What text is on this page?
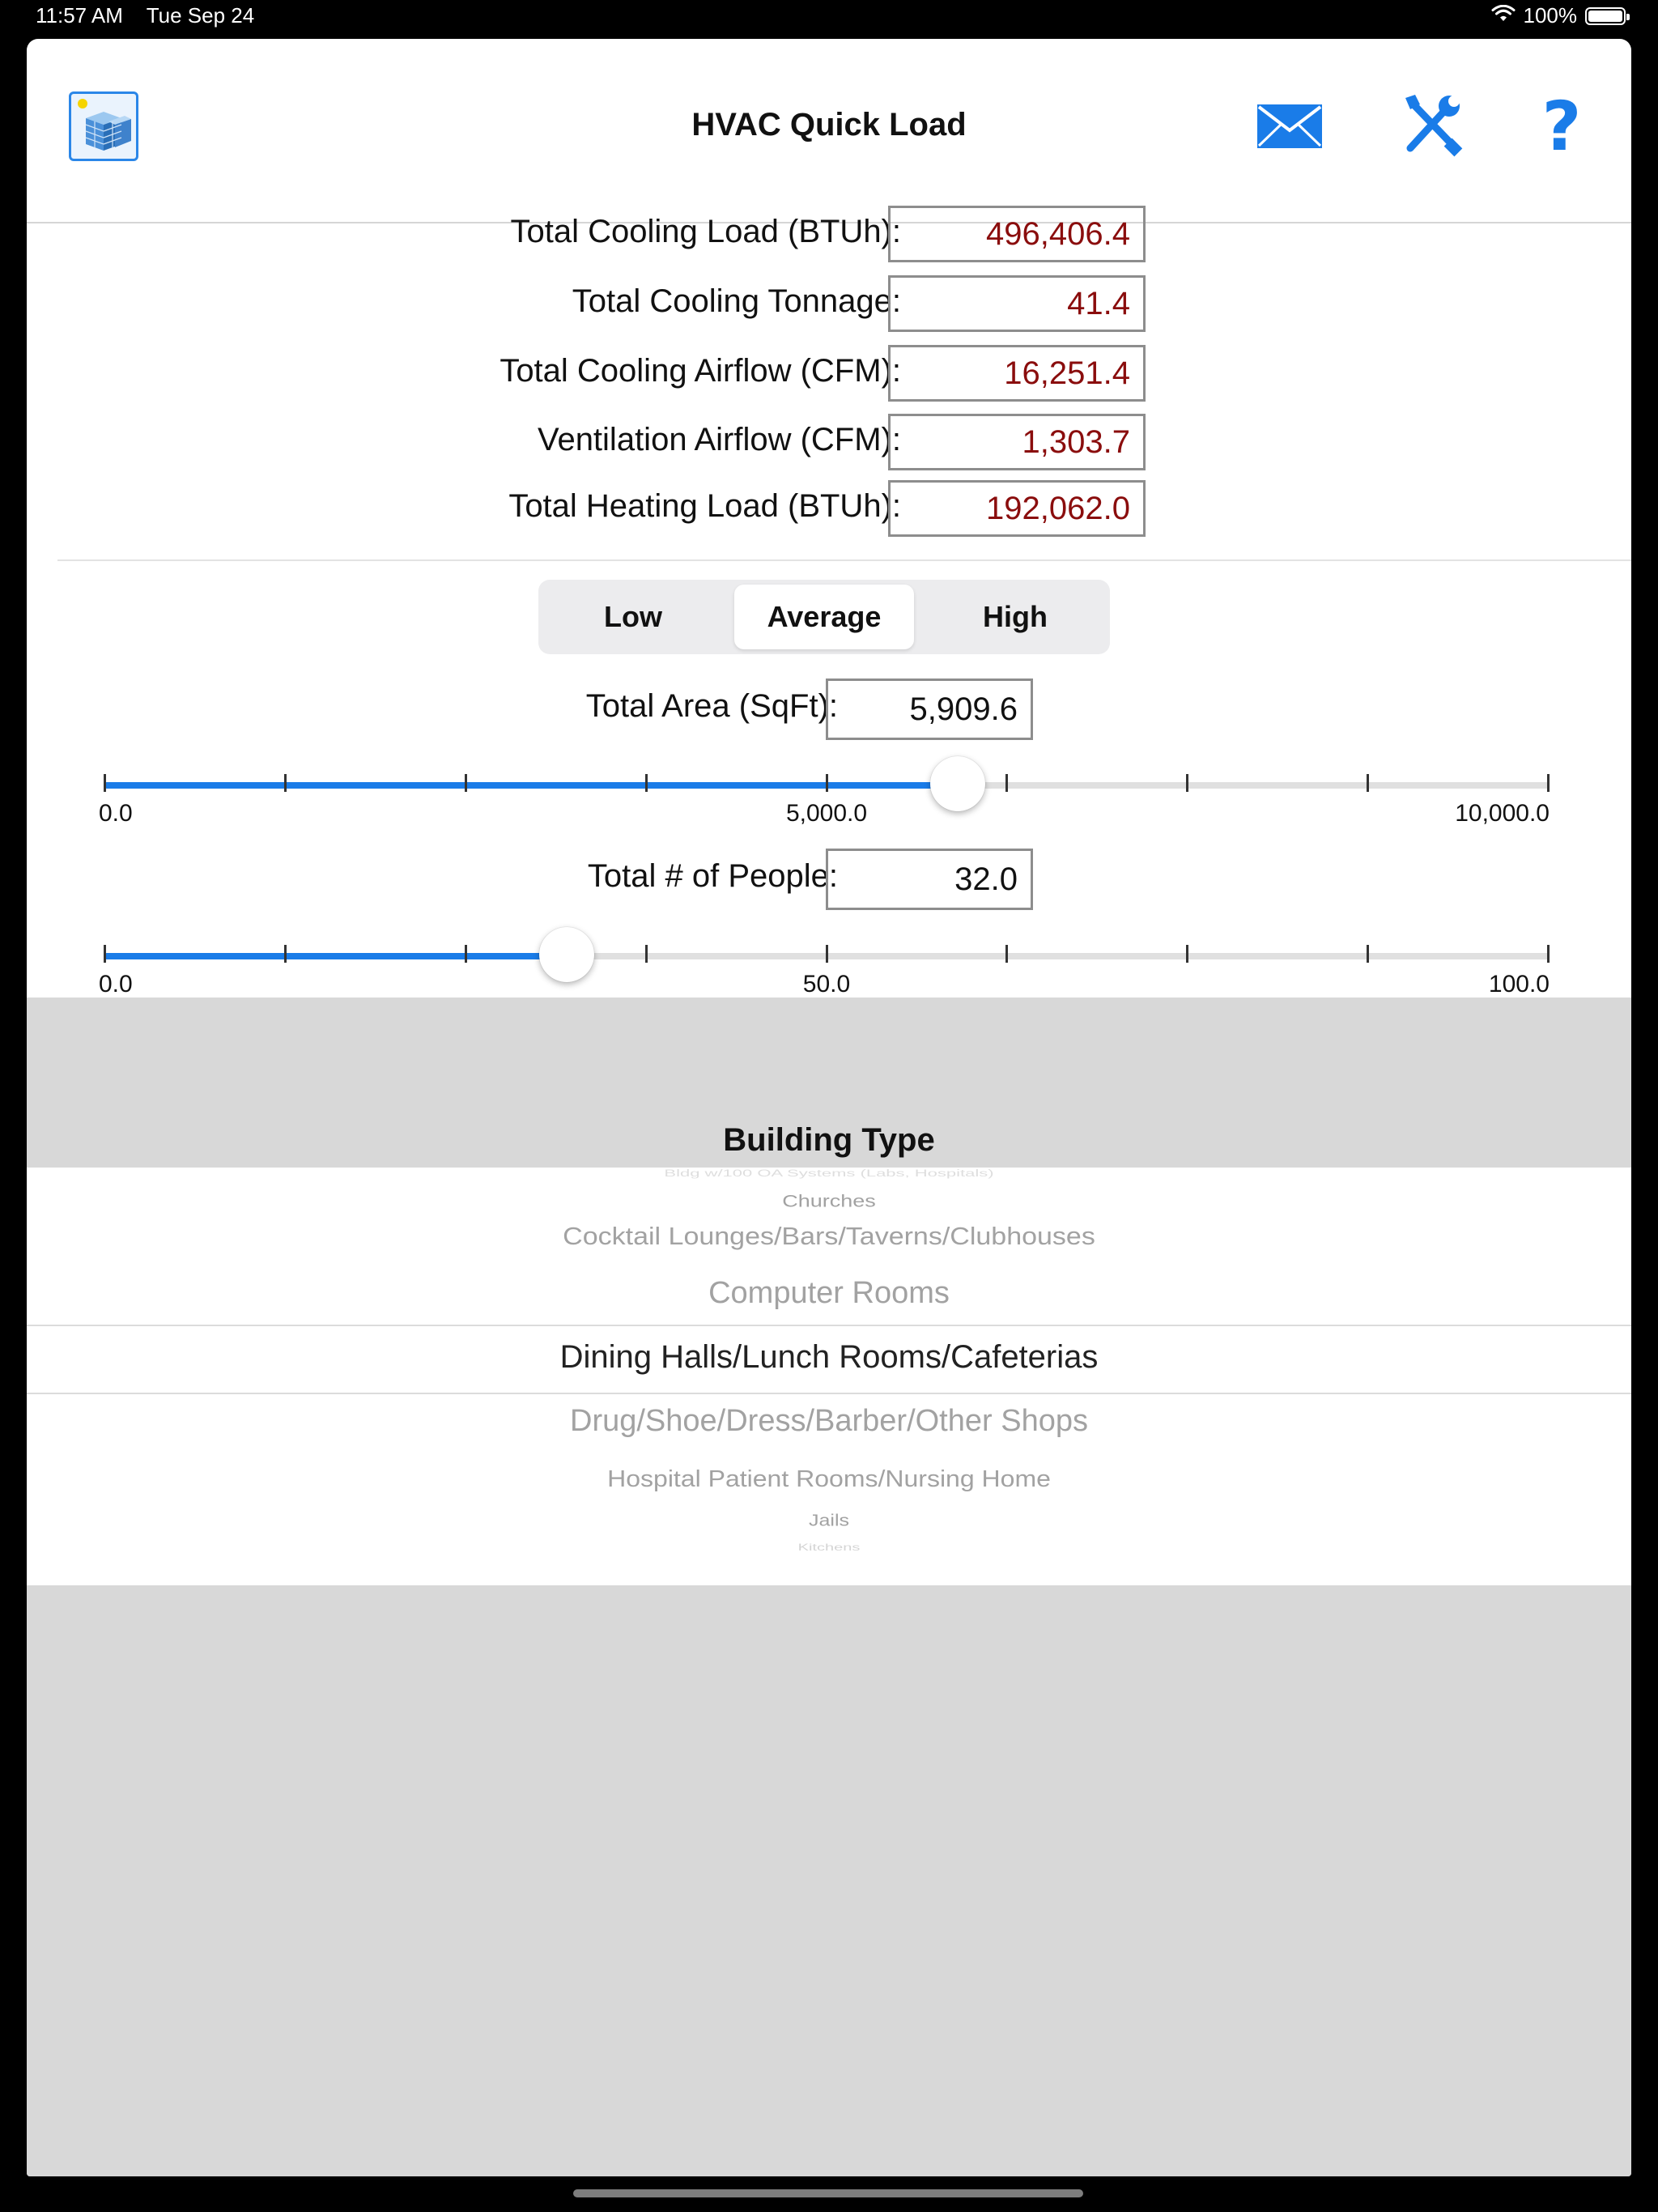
11:57 AM Tue Sep 24	100%
HVAC Quick Load	?
Total Cooling Load (BTUh):	496,406.4
Total Cooling Tonnage:	41.4
Total Cooling Airflow (CFM):	16,251.4
Ventilation Airflow (CFM):	1,303.7
Total Heating Load (BTUh):	192,062.0
Low	Average	High
Total Area (SqFt):	5,909.6
0.0	5,000.0	10,000.0
Total # of People:	32.0
0.0	50.0	100.0
Building Type
Bldg w/100 OA Systems (Labs, Hospitals)
Churches
Cocktail Lounges/Bars/Taverns/Clubhouses
Computer Rooms
Dining Halls/Lunch Rooms/Cafeterias
Drug/Shoe/Dress/Barber/Other Shops
Hospital Patient Rooms/Nursing Home
Jails
Kitchens
